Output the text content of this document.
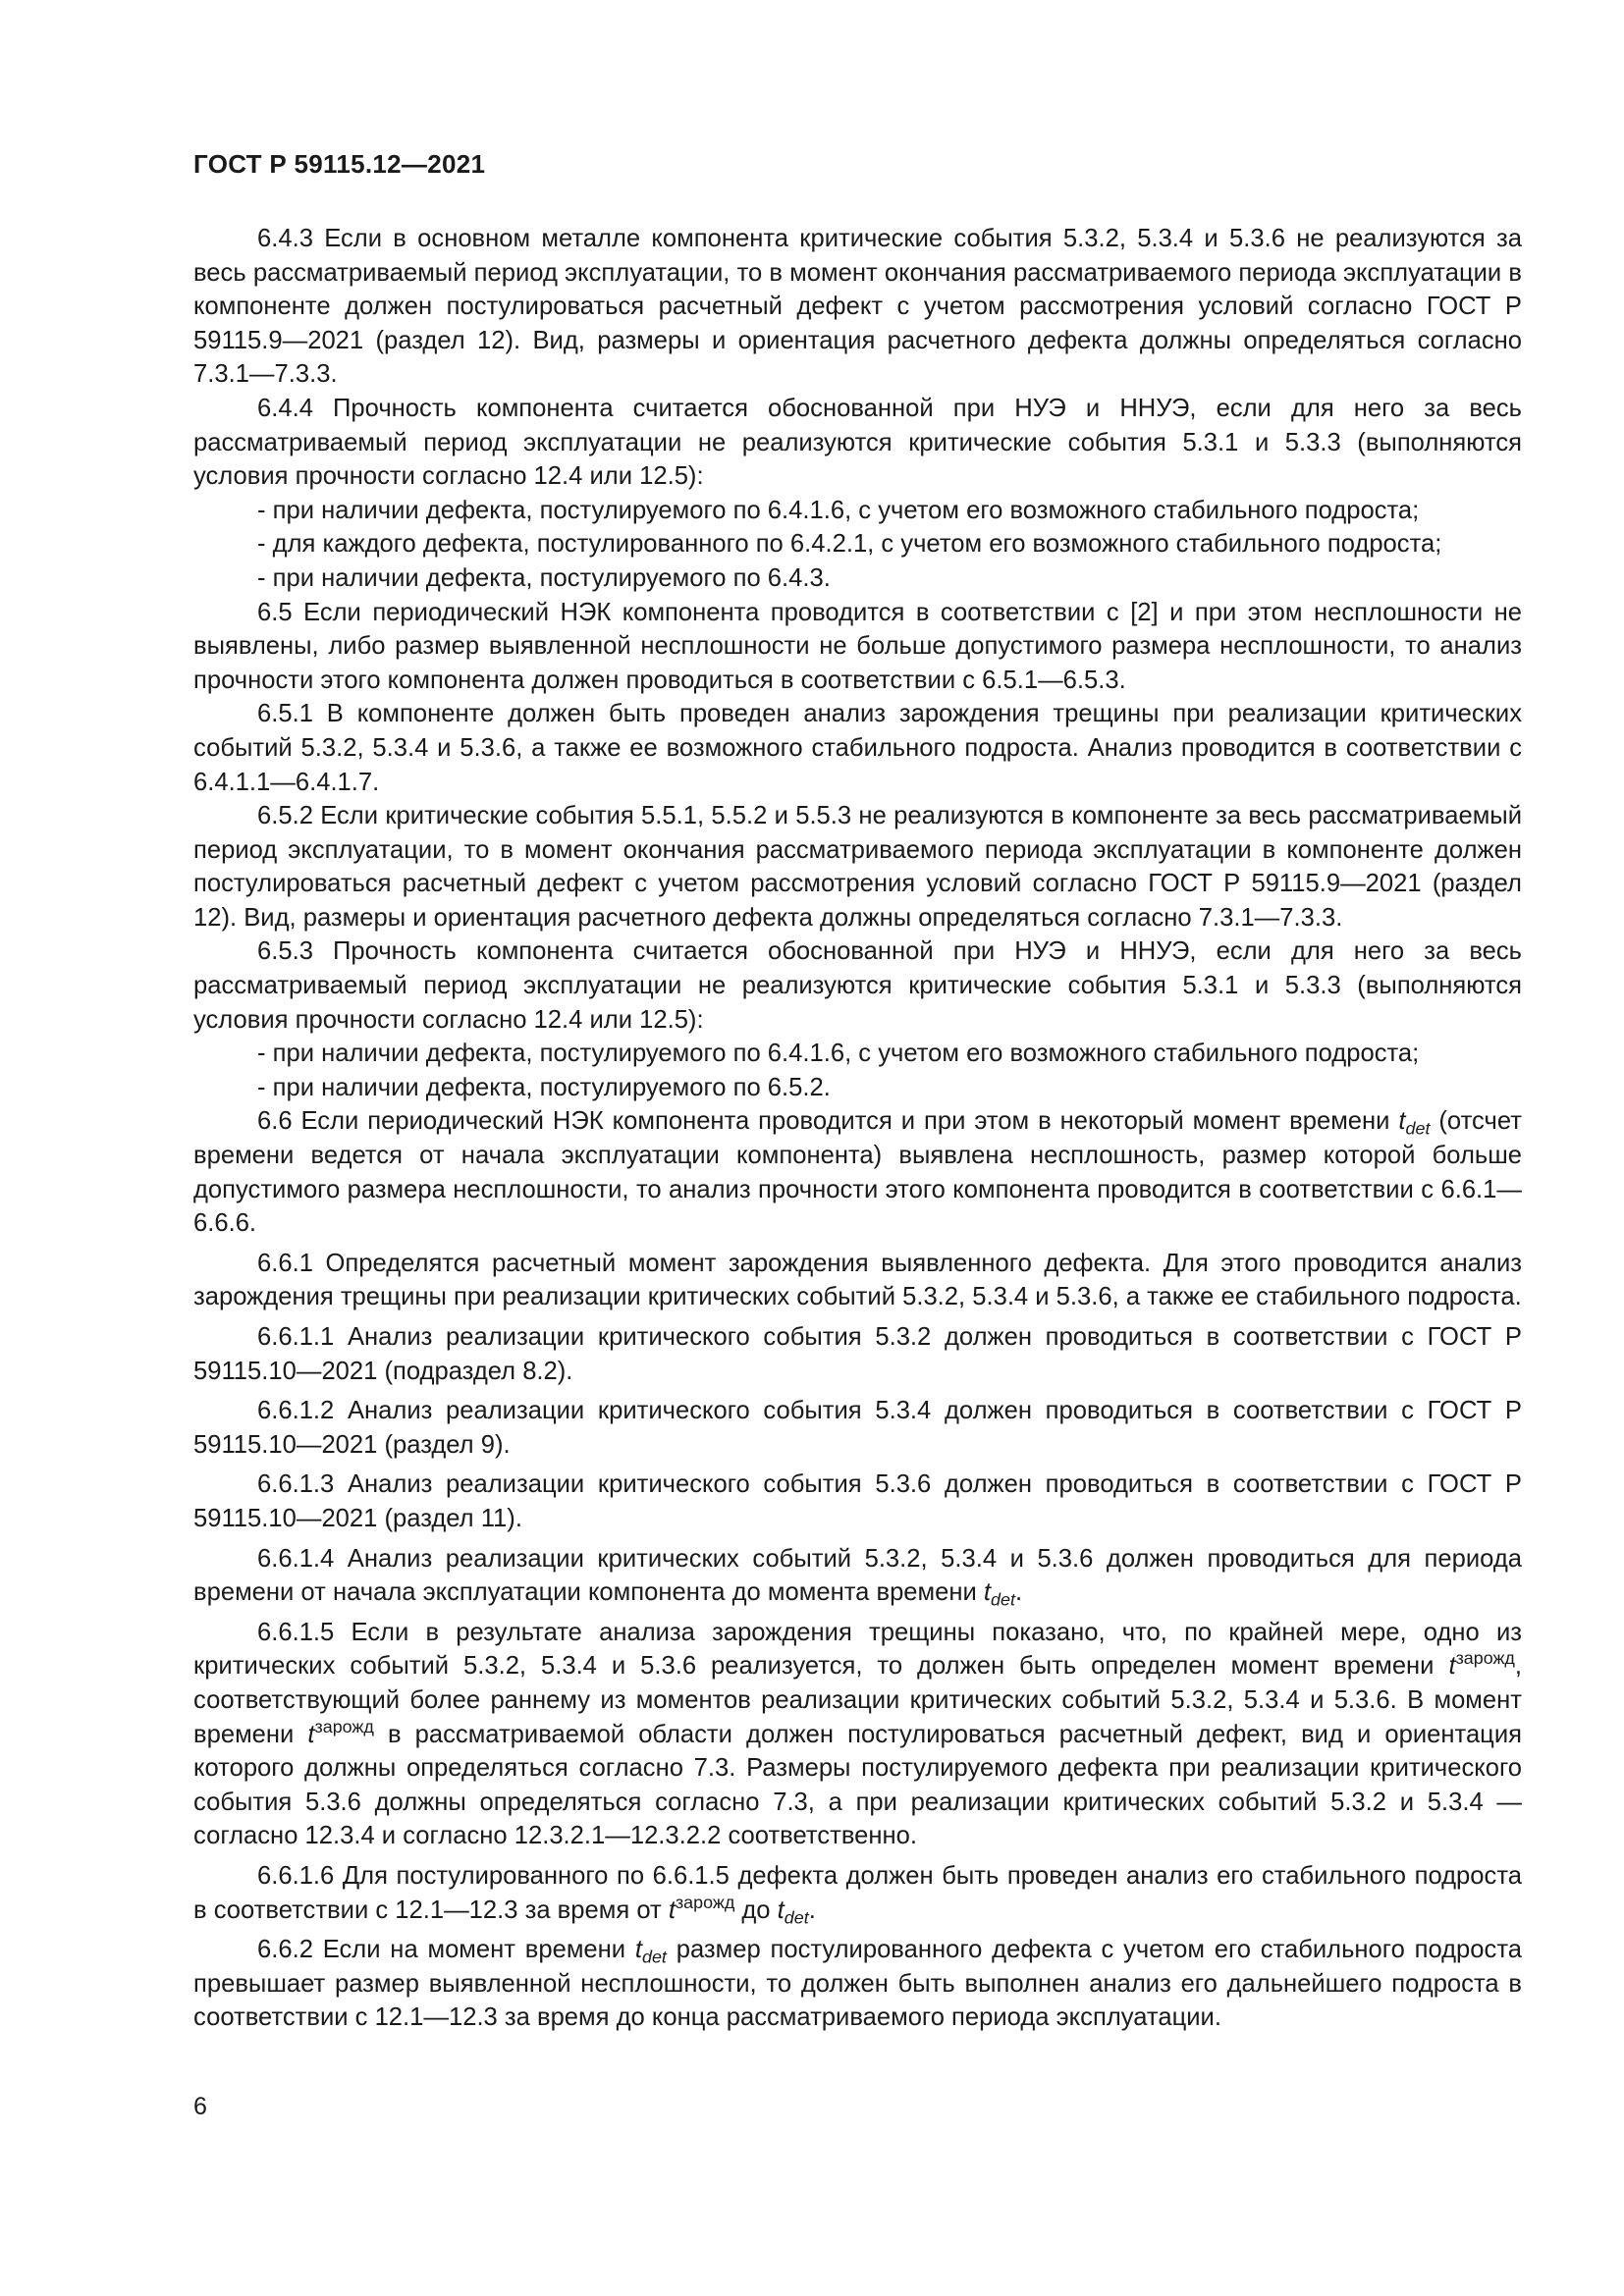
ГОСТ Р 59115.12—2021

6.4.3 Если в основном металле компонента критические события 5.3.2, 5.3.4 и 5.3.6 не реализуются за весь рассматриваемый период эксплуатации, то в момент окончания рассматриваемого периода эксплуатации в компоненте должен постулироваться расчетный дефект с учетом рассмотрения условий согласно ГОСТ Р 59115.9—2021 (раздел 12). Вид, размеры и ориентация расчетного дефекта должны определяться согласно 7.3.1—7.3.3.

6.4.4 Прочность компонента считается обоснованной при НУЭ и ННУЭ, если для него за весь рассматриваемый период эксплуатации не реализуются критические события 5.3.1 и 5.3.3 (выполняются условия прочности согласно 12.4 или 12.5):

- при наличии дефекта, постулируемого по 6.4.1.6, с учетом его возможного стабильного подроста;

- для каждого дефекта, постулированного по 6.4.2.1, с учетом его возможного стабильного подроста;

- при наличии дефекта, постулируемого по 6.4.3.

6.5 Если периодический НЭК компонента проводится в соответствии с [2] и при этом несплошности не выявлены, либо размер выявленной несплошности не больше допустимого размера несплошности, то анализ прочности этого компонента должен проводиться в соответствии с 6.5.1—6.5.3.

6.5.1 В компоненте должен быть проведен анализ зарождения трещины при реализации критических событий 5.3.2, 5.3.4 и 5.3.6, а также ее возможного стабильного подроста. Анализ проводится в соответствии с 6.4.1.1—6.4.1.7.

6.5.2 Если критические события 5.5.1, 5.5.2 и 5.5.3 не реализуются в компоненте за весь рассматриваемый период эксплуатации, то в момент окончания рассматриваемого периода эксплуатации в компоненте должен постулироваться расчетный дефект с учетом рассмотрения условий согласно ГОСТ Р 59115.9—2021 (раздел 12). Вид, размеры и ориентация расчетного дефекта должны определяться согласно 7.3.1—7.3.3.

6.5.3 Прочность компонента считается обоснованной при НУЭ и ННУЭ, если для него за весь рассматриваемый период эксплуатации не реализуются критические события 5.3.1 и 5.3.3 (выполняются условия прочности согласно 12.4 или 12.5):

- при наличии дефекта, постулируемого по 6.4.1.6, с учетом его возможного стабильного подроста;

- при наличии дефекта, постулируемого по 6.5.2.

6.6 Если периодический НЭК компонента проводится и при этом в некоторый момент времени $t_{det}$ (отсчет времени ведется от начала эксплуатации компонента) выявлена несплошность, размер которой больше допустимого размера несплошности, то анализ прочности этого компонента проводится в соответствии с 6.6.1—6.6.6.

6.6.1 Определятся расчетный момент зарождения выявленного дефекта. Для этого проводится анализ зарождения трещины при реализации критических событий 5.3.2, 5.3.4 и 5.3.6, а также ее стабильного подроста.

6.6.1.1 Анализ реализации критического события 5.3.2 должен проводиться в соответствии с ГОСТ Р 59115.10—2021 (подраздел 8.2).

6.6.1.2 Анализ реализации критического события 5.3.4 должен проводиться в соответствии с ГОСТ Р 59115.10—2021 (раздел 9).

6.6.1.3 Анализ реализации критического события 5.3.6 должен проводиться в соответствии с ГОСТ Р 59115.10—2021 (раздел 11).

6.6.1.4 Анализ реализации критических событий 5.3.2, 5.3.4 и 5.3.6 должен проводиться для периода времени от начала эксплуатации компонента до момента времени $t_{det}$.

6.6.1.5 Если в результате анализа зарождения трещины показано, что, по крайней мере, одно из критических событий 5.3.2, 5.3.4 и 5.3.6 реализуется, то должен быть определен момент времени $t^{зарожд}$, соответствующий более раннему из моментов реализации критических событий 5.3.2, 5.3.4 и 5.3.6. В момент времени $t^{зарожд}$ в рассматриваемой области должен постулироваться расчетный дефект, вид и ориентация которого должны определяться согласно 7.3. Размеры постулируемого дефекта при реализации критического события 5.3.6 должны определяться согласно 7.3, а при реализации критических событий 5.3.2 и 5.3.4 — согласно 12.3.4 и согласно 12.3.2.1—12.3.2.2 соответственно.

6.6.1.6 Для постулированного по 6.6.1.5 дефекта должен быть проведен анализ его стабильного подроста в соответствии с 12.1—12.3 за время от $t^{зарожд}$ до $t_{det}$.

6.6.2 Если на момент времени $t_{det}$ размер постулированного дефекта с учетом его стабильного подроста превышает размер выявленной несплошности, то должен быть выполнен анализ его дальнейшего подроста в соответствии с 12.1—12.3 за время до конца рассматриваемого периода эксплуатации.

6
